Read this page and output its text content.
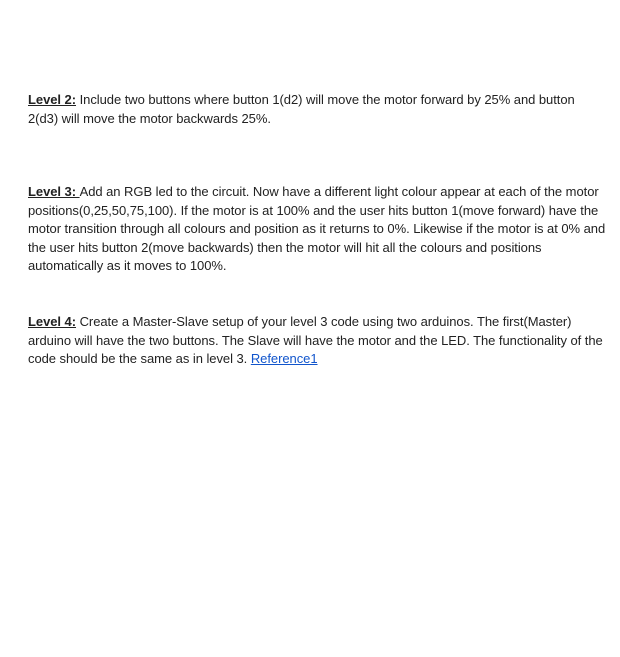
Level 2: Include two buttons where button 1(d2) will move the motor forward by 25% and button 2(d3) will move the motor backwards 25%.

Level 3: Add an RGB led to the circuit. Now have a different light colour appear at each of the motor positions(0,25,50,75,100). If the motor is at 100% and the user hits button 1(move forward) have the motor transition through all colours and position as it returns to 0%. Likewise if the motor is at 0% and the user hits button 2(move backwards) then the motor will hit all the colours and positions automatically as it moves to 100%.

Level 4: Create a Master-Slave setup of your level 3 code using two arduinos. The first(Master) arduino will have the two buttons. The Slave will have the motor and the LED. The functionality of the code should be the same as in level 3. Reference1
